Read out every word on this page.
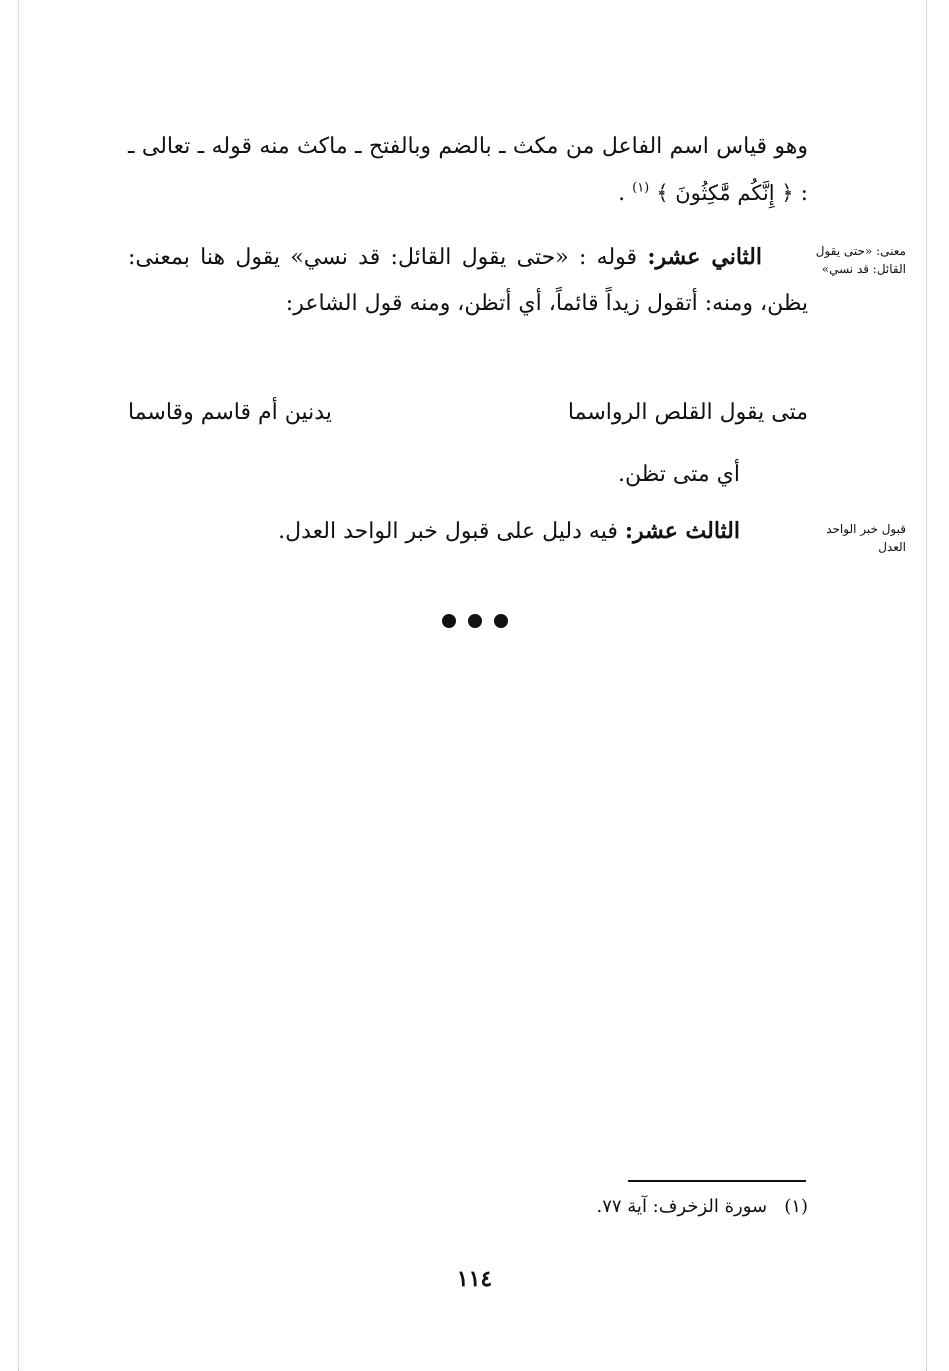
وهو قياس اسم الفاعل من مكث ـ بالضم وبالفتح ـ ماكث منه قوله ـ تعالى ـ : ﴿ إِنَّكُم مَّٰكِثُونَ ﴾ $^{(١)}$ .

الثاني عشر: قوله : «حتى يقول القائل: قد نسي» يقول هنا بمعنى: يظن، ومنه: أتقول زيداً قائماً، أي أتظن، ومنه قول الشاعر:

متى يقول القلص الرواسما
يدنين أم قاسم وقاسما
أي متى تظن.
الثالث عشر: فيه دليل على قبول خبر الواحد العدل.
معنى: «حتى يقول القائل: قد نسي»
قبول خبر الواحد العدل
(١)   سورة الزخرف: آية ٧٧.
١١٤
